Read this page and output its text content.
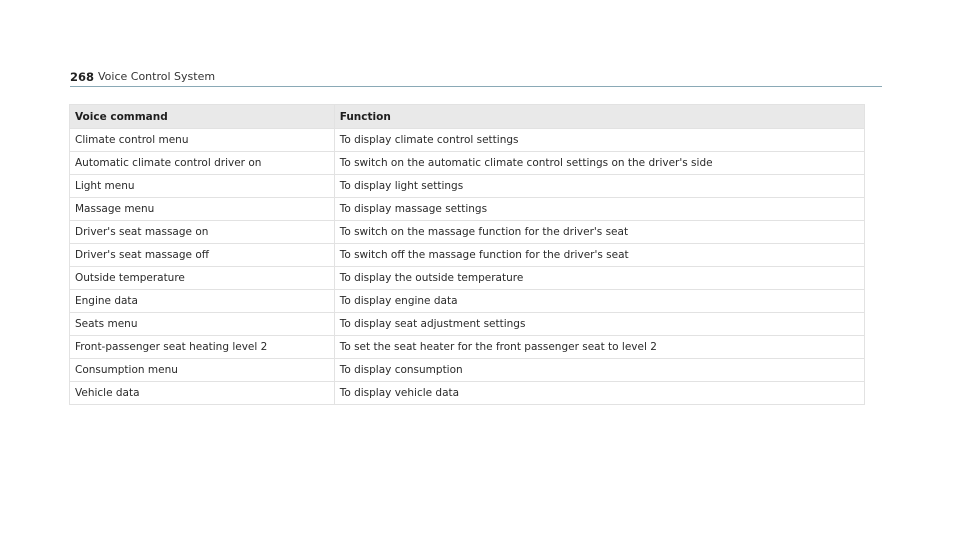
268 Voice Control System
Voice command	Function
Climate control menu	To display climate control settings
Automatic climate control driver on	To switch on the automatic climate control settings on the driver's side
Light menu	To display light settings
Massage menu	To display massage settings
Driver's seat massage on	To switch on the massage function for the driver's seat
Driver's seat massage off	To switch off the massage function for the driver's seat
Outside temperature	To display the outside temperature
Engine data	To display engine data
Seats menu	To display seat adjustment settings
Front-passenger seat heating level 2	To set the seat heater for the front passenger seat to level 2
Consumption menu	To display consumption
Vehicle data	To display vehicle data
